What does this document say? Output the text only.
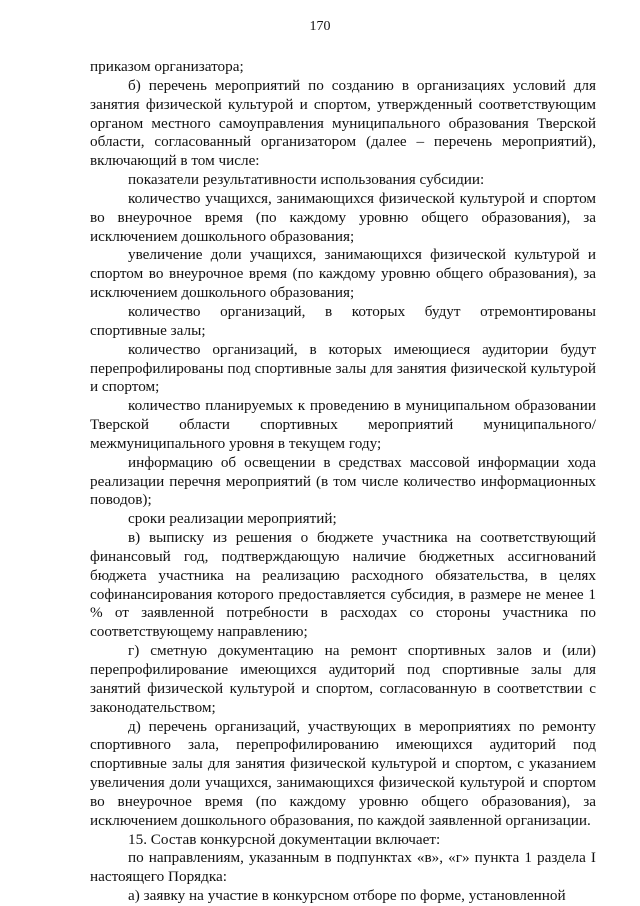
170

приказом организатора;

б) перечень мероприятий по созданию в организациях условий для занятия физической культурой и спортом, утвержденный соответствующим органом местного самоуправления муниципального образования Тверской области, согласованный организатором (далее – перечень мероприятий), включающий в том числе:

показатели результативности использования субсидии:

количество учащихся, занимающихся физической культурой и спортом во внеурочное время (по каждому уровню общего образования), за исключением дошкольного образования;

увеличение доли учащихся, занимающихся физической культурой и спортом во внеурочное время (по каждому уровню общего образования), за исключением дошкольного образования;

количество организаций, в которых будут отремонтированы спортивные залы;

количество организаций, в которых имеющиеся аудитории будут перепрофилированы под спортивные залы для занятия физической культурой и спортом;

количество планируемых к проведению в муниципальном образовании Тверской области спортивных мероприятий муниципального/ межмуниципального уровня в текущем году;

информацию об освещении в средствах массовой информации хода реализации перечня мероприятий (в том числе количество информационных поводов);

сроки реализации мероприятий;

в) выписку из решения о бюджете участника на соответствующий финансовый год, подтверждающую наличие бюджетных ассигнований бюджета участника на реализацию расходного обязательства, в целях софинансирования которого предоставляется субсидия, в размере не менее 1 % от заявленной потребности в расходах со стороны участника по соответствующему направлению;

г) сметную документацию на ремонт спортивных залов и (или) перепрофилирование имеющихся аудиторий под спортивные залы для занятий физической культурой и спортом, согласованную в соответствии с законодательством;

д) перечень организаций, участвующих в мероприятиях по ремонту спортивного зала, перепрофилированию имеющихся аудиторий под спортивные залы для занятия физической культурой и спортом, с указанием увеличения доли учащихся, занимающихся физической культурой и спортом во внеурочное время (по каждому уровню общего образования), за исключением дошкольного образования, по каждой заявленной организации.

15. Состав конкурсной документации включает:

по направлениям, указанным в подпунктах «в», «г» пункта 1 раздела I настоящего Порядка:

а) заявку на участие в конкурсном отборе по форме, установленной
